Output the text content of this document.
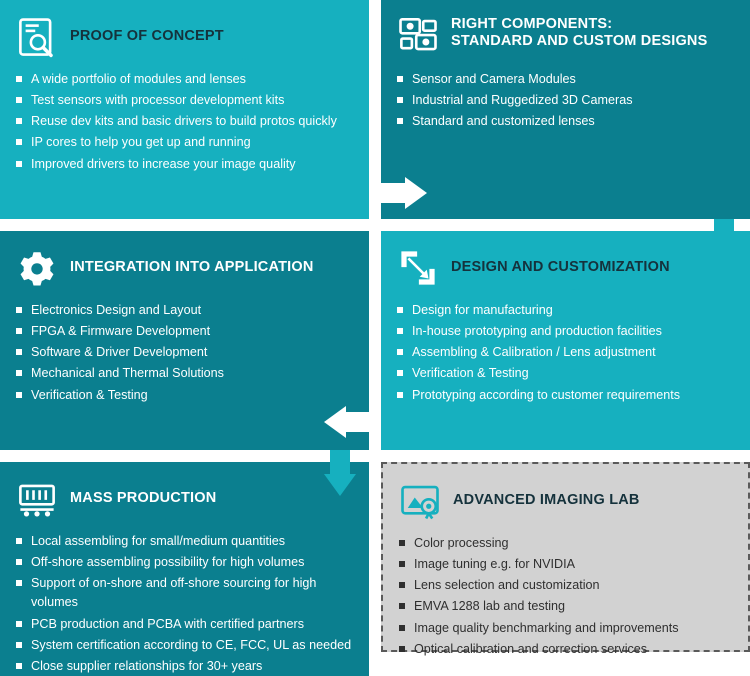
PROOF OF CONCEPT
A wide portfolio of modules and lenses
Test sensors with processor development kits
Reuse dev kits and basic drivers to build protos quickly
IP cores to help you get up and running
Improved drivers to increase your image quality
RIGHT COMPONENTS:
STANDARD AND CUSTOM DESIGNS
Sensor and Camera Modules
Industrial and Ruggedized 3D Cameras
Standard and customized lenses
INTEGRATION INTO APPLICATION
Electronics Design and Layout
FPGA & Firmware Development
Software & Driver Development
Mechanical and Thermal Solutions
Verification & Testing
DESIGN AND CUSTOMIZATION
Design for manufacturing
In-house prototyping and production facilities
Assembling & Calibration / Lens adjustment
Verification & Testing
Prototyping according to customer requirements
MASS PRODUCTION
Local assembling for small/medium quantities
Off-shore assembling possibility for high volumes
Support of on-shore and off-shore sourcing for high volumes
PCB production and PCBA with certified partners
System certification according to CE, FCC, UL as needed
Close supplier relationships for 30+ years
ADVANCED IMAGING LAB
Color processing
Image tuning e.g. for NVIDIA
Lens selection and customization
EMVA 1288 lab and testing
Image quality benchmarking and improvements
Optical calibration and correction services
